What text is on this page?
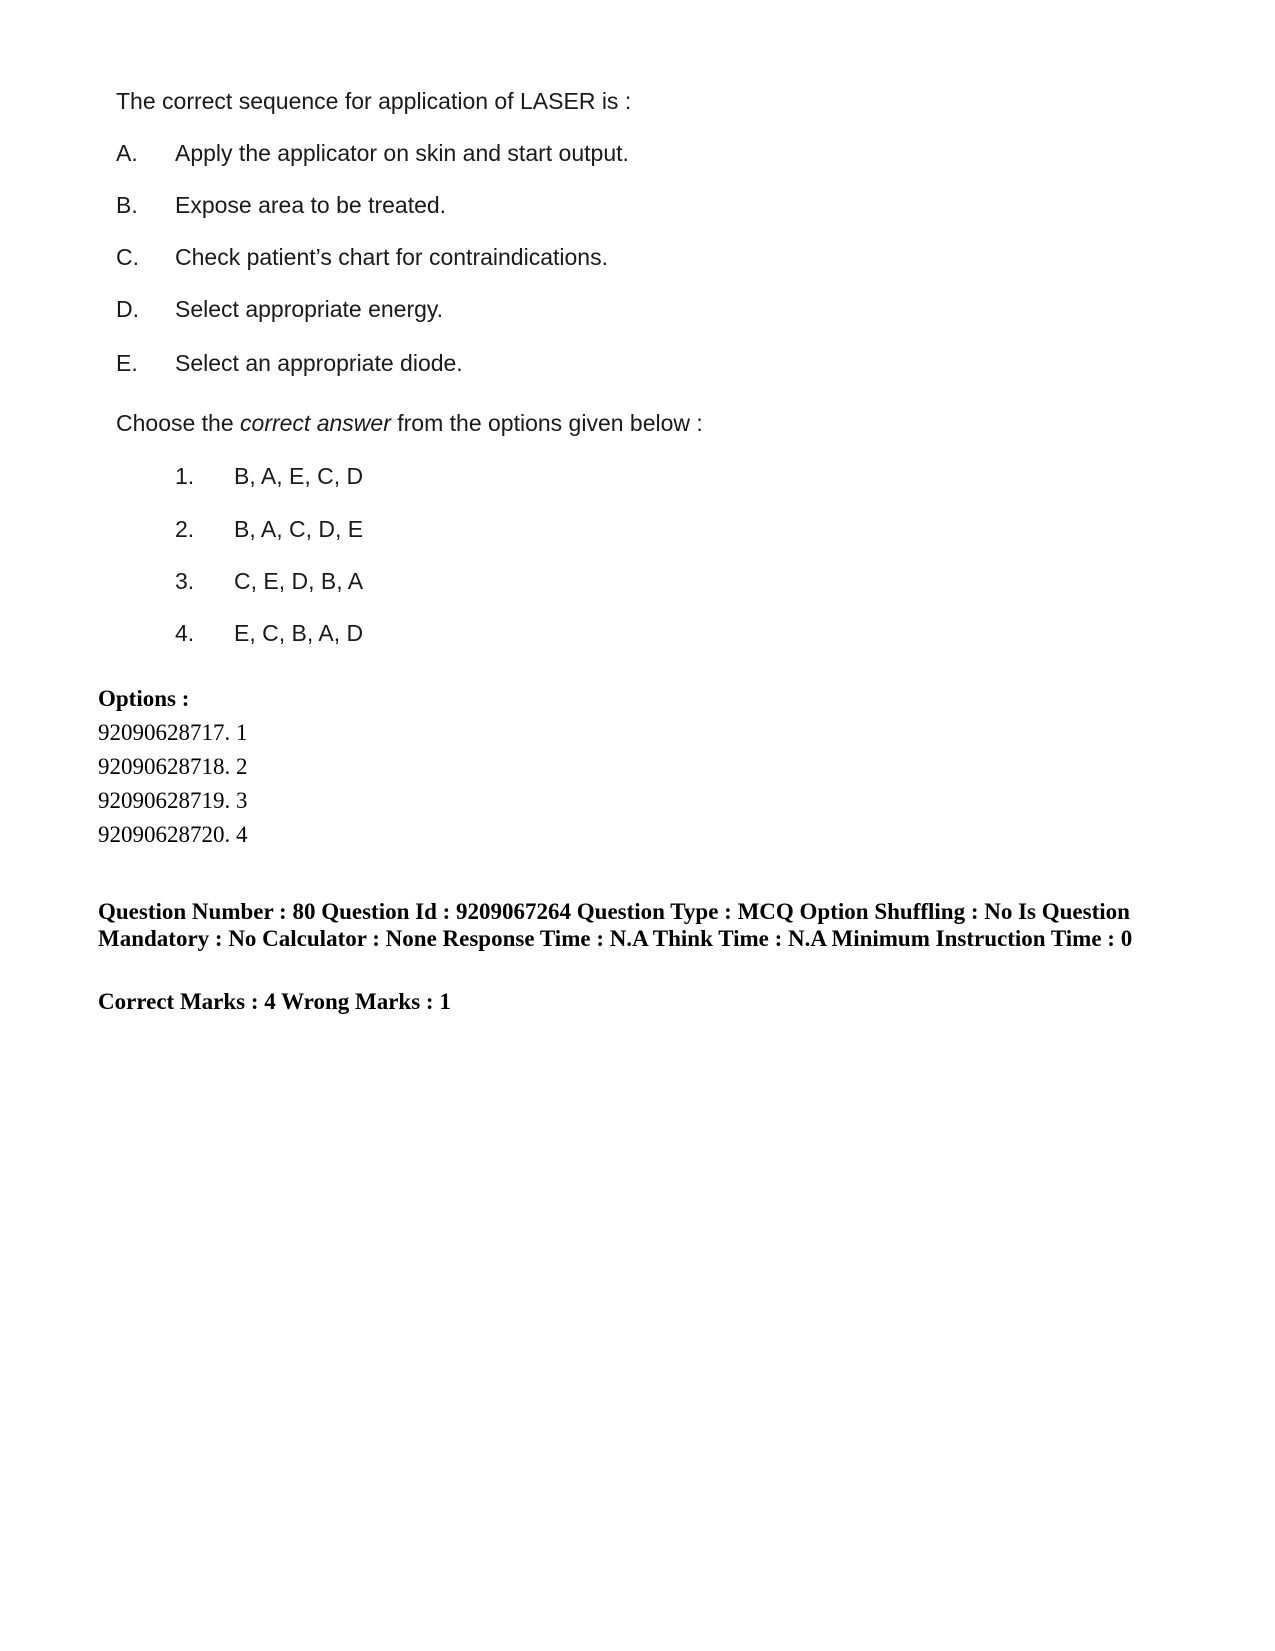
The correct sequence for application of LASER is :
A. Apply the applicator on skin and start output.
B. Expose area to be treated.
C. Check patient’s chart for contraindications.
D. Select appropriate energy.
E. Select an appropriate diode.
Choose the correct answer from the options given below :
1. B, A, E, C, D
2. B, A, C, D, E
3. C, E, D, B, A
4. E, C, B, A, D
Options :
92090628717. 1
92090628718. 2
92090628719. 3
92090628720. 4
Question Number : 80 Question Id : 9209067264 Question Type : MCQ Option Shuffling : No Is Question Mandatory : No Calculator : None Response Time : N.A Think Time : N.A Minimum Instruction Time : 0
Correct Marks : 4 Wrong Marks : 1
